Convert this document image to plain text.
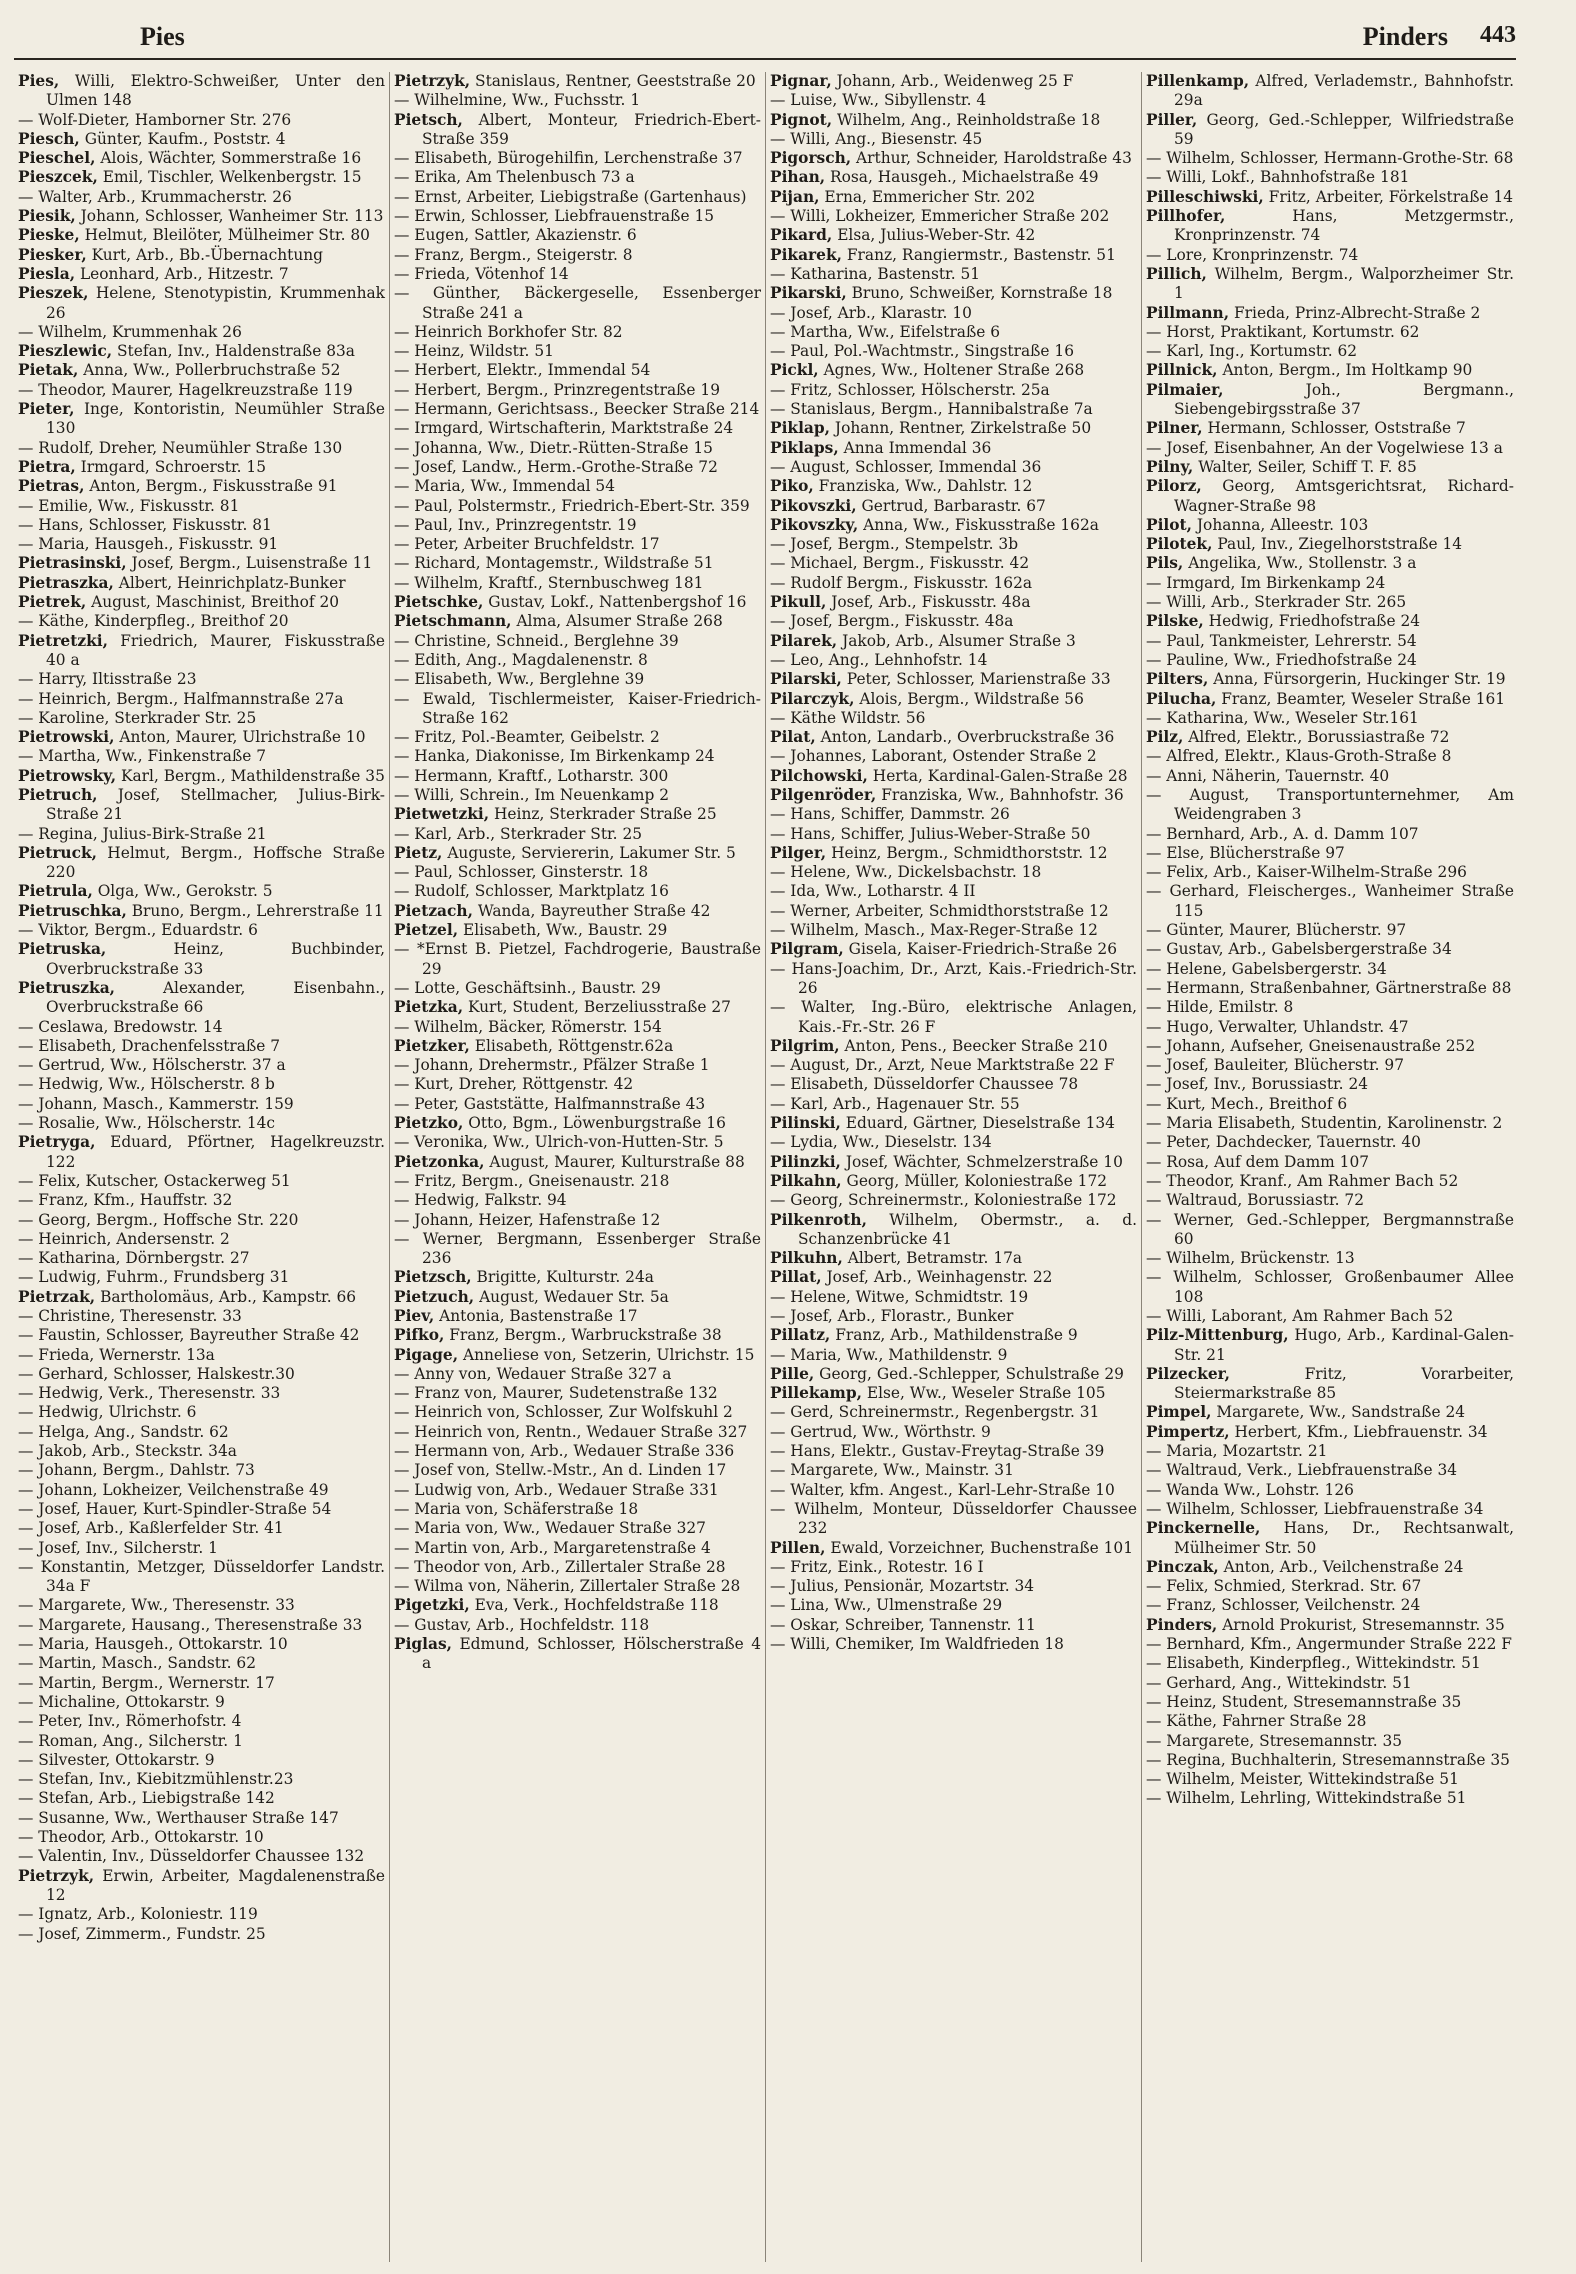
Pies	Pinders 443
Pies, Willi, Elektro-Schweißer, Unter den Ulmen 148
— Wolf-Dieter, Hamborner Str. 276
Piesch, Günter, Kaufm., Poststr. 4
Pieschel, Alois, Wächter, Sommerstraße 16
Pieszcek, Emil, Tischler, Welkenbergstr. 15
— Walter, Arb., Krummacherstr. 26
Piesik, Johann, Schlosser, Wanheimer Str. 113
Pieske, Helmut, Bleilöter, Mülheimer Str. 80
Piesker, Kurt, Arb., Bb.-Übernachtung
Piesla, Leonhard, Arb., Hitzestr. 7
Pieszek, Helene, Stenotypistin, Krummenhak 26
— Wilhelm, Krummenhak 26
Pieszlewic, Stefan, Inv., Haldenstraße 83a
Pietak, Anna, Ww., Pollerbruchstraße 52
— Theodor, Maurer, Hagelkreuzstraße 119
Pieter, Inge, Kontoristin, Neumühler Straße 130
— Rudolf, Dreher, Neumühler Straße 130
Pietra, Irmgard, Schroerstr. 15
Pietras, Anton, Bergm., Fiskusstraße 91
— Emilie, Ww., Fiskusstr. 81
— Hans, Schlosser, Fiskusstr. 81
— Maria, Hausgeh., Fiskusstr. 91
Pietrasinski, Josef, Bergm., Luisenstraße 11
Pietraszka, Albert, Heinrichplatz-Bunker
Pietrek, August, Maschinist, Breithof 20
— Käthe, Kinderpfleg., Breithof 20
Pietretzki, Friedrich, Maurer, Fiskusstraße 40 a
— Harry, Iltisstraße 23
— Heinrich, Bergm., Halfmannstraße 27a
— Karoline, Sterkrader Str. 25
Pietrowski, Anton, Maurer, Ulrichstraße 10
— Martha, Ww., Finkenstraße 7
Pietrowsky, Karl, Bergm., Mathildenstraße 35
Pietruch, Josef, Stellmacher, Julius-Birk-Straße 21
— Regina, Julius-Birk-Straße 21
Pietruck, Helmut, Bergm., Hoffsche Straße 220
Pietrula, Olga, Ww., Gerokstr. 5
Pietruschka, Bruno, Bergm., Lehrerstraße 11
— Viktor, Bergm., Eduardstr. 6
Pietruska, Heinz, Buchbinder, Overbruckstraße 33
Pietruszka, Alexander, Eisenbahn., Overbruckstraße 66
— Ceslawa, Bredowstr. 14
— Elisabeth, Drachenfelsstraße 7
— Gertrud, Ww., Hölscherstr. 37 a
— Hedwig, Ww., Hölscherstr. 8 b
— Johann, Masch., Kammerstr. 159
— Rosalie, Ww., Hölscherstr. 14c
Pietryga, Eduard, Pförtner, Hagelkreuzstr. 122
— Felix, Kutscher, Ostackerweg 51
— Franz, Kfm., Hauffstr. 32
— Georg, Bergm., Hoffsche Str. 220
— Heinrich, Andersenstr. 2
— Katharina, Dörnbergstr. 27
— Ludwig, Fuhrm., Frundsberg 31
Pietrzak, Bartholomäus, Arb., Kampstr. 66
— Christine, Theresenstr. 33
— Faustin, Schlosser, Bayreuther Straße 42
— Frieda, Wernerstr. 13a
— Gerhard, Schlosser, Halskestr.30
— Hedwig, Verk., Theresenstr. 33
— Hedwig, Ulrichstr. 6
— Helga, Ang., Sandstr. 62
— Jakob, Arb., Steckstr. 34a
— Johann, Bergm., Dahlstr. 73
— Johann, Lokheizer, Veilchenstraße 49
— Josef, Hauer, Kurt-Spindler-Straße 54
— Josef, Arb., Kaßlerfelder Str. 41
— Josef, Inv., Silcherstr. 1
— Konstantin, Metzger, Düsseldorfer Landstr. 34a F
— Margarete, Ww., Theresenstr. 33
— Margarete, Hausang., Theresenstraße 33
— Maria, Hausgeh., Ottokarstr. 10
— Martin, Masch., Sandstr. 62
— Martin, Bergm., Wernerstr. 17
— Michaline, Ottokarstr. 9
— Peter, Inv., Römerhofstr. 4
— Roman, Ang., Silcherstr. 1
— Silvester, Ottokarstr. 9
— Stefan, Inv., Kiebitzmühlenstr.23
— Stefan, Arb., Liebigstraße 142
— Susanne, Ww., Werthauser Straße 147
— Theodor, Arb., Ottokarstr. 10
— Valentin, Inv., Düsseldorfer Chaussee 132
Pietrzyk, Erwin, Arbeiter, Magdalenenstraße 12
— Ignatz, Arb., Koloniestr. 119
— Josef, Zimmerm., Fundstr. 25
Pietrzyk, Stanislaus, Rentner, Geeststraße 20
— Wilhelmine, Ww., Fuchsstr. 1
Pietsch, Albert, Monteur, Friedrich-Ebert-Straße 359
— Elisabeth, Bürogehilfin, Lerchenstraße 37
— Erika, Am Thelenbusch 73 a
— Ernst, Arbeiter, Liebigstraße (Gartenhaus)
— Erwin, Schlosser, Liebfrauenstraße 15
— Eugen, Sattler, Akazienstr. 6
— Franz, Bergm., Steigerstr. 8
— Frieda, Vötenhof 14
— Günther, Bäckergeselle, Essenberger Straße 241 a
— Heinrich Borkhofer Str. 82
— Heinz, Wildstr. 51
— Herbert, Elektr., Immendal 54
— Herbert, Bergm., Prinzregentstraße 19
— Hermann, Gerichtsass., Beecker Straße 214
— Irmgard, Wirtschafterin, Marktstraße 24
— Johanna, Ww., Dietr.-Rütten-Straße 15
— Josef, Landw., Herm.-Grothe-Straße 72
— Maria, Ww., Immendal 54
— Paul, Polstermstr., Friedrich-Ebert-Str. 359
— Paul, Inv., Prinzregentstr. 19
— Peter, Arbeiter Bruchfeldstr. 17
— Richard, Montagemstr., Wildstraße 51
— Wilhelm, Kraftf., Sternbuschweg 181
Pietschke, Gustav, Lokf., Nattenbergshof 16
Pietschmann, Alma, Alsumer Straße 268
— Christine, Schneid., Berglehne 39
— Edith, Ang., Magdalenenstr. 8
— Elisabeth, Ww., Berglehne 39
— Ewald, Tischlermeister, Kaiser-Friedrich-Straße 162
— Fritz, Pol.-Beamter, Geibelstr. 2
— Hanka, Diakonisse, Im Birkenkamp 24
— Hermann, Kraftf., Lotharstr. 300
— Willi, Schrein., Im Neuenkamp 2
Pietwetzki, Heinz, Sterkrader Straße 25
— Karl, Arb., Sterkrader Str. 25
Pietz, Auguste, Serviererin, Lakumer Str. 5
— Paul, Schlosser, Ginsterstr. 18
— Rudolf, Schlosser, Marktplatz 16
Pietzach, Wanda, Bayreuther Straße 42
Pietzel, Elisabeth, Ww., Baustr. 29
— *Ernst B. Pietzel, Fachdrogerie, Baustraße 29
— Lotte, Geschäftsinh., Baustr. 29
Pietzka, Kurt, Student, Berzeliusstraße 27
— Wilhelm, Bäcker, Römerstr. 154
Pietzker, Elisabeth, Röttgenstr.62a
— Johann, Drehermstr., Pfälzer Straße 1
— Kurt, Dreher, Röttgenstr. 42
— Peter, Gaststätte, Halfmannstraße 43
Pietzko, Otto, Bgm., Löwenburgstraße 16
— Veronika, Ww., Ulrich-von-Hutten-Str. 5
Pietzonka, August, Maurer, Kulturstraße 88
— Fritz, Bergm., Gneisenaustr. 218
— Hedwig, Falkstr. 94
— Johann, Heizer, Hafenstraße 12
— Werner, Bergmann, Essenberger Straße 236
Pietzsch, Brigitte, Kulturstr. 24a
Pietzuch, August, Wedauer Str. 5a
Piev, Antonia, Bastenstraße 17
Pifko, Franz, Bergm., Warbruckstraße 38
Pigage, Anneliese von, Setzerin, Ulrichstr. 15
— Anny von, Wedauer Straße 327 a
— Franz von, Maurer, Sudetenstraße 132
— Heinrich von, Schlosser, Zur Wolfskuhl 2
— Heinrich von, Rentn., Wedauer Straße 327
— Hermann von, Arb., Wedauer Straße 336
— Josef von, Stellw.-Mstr., An d. Linden 17
— Ludwig von, Arb., Wedauer Straße 331
— Maria von, Schäferstraße 18
— Maria von, Ww., Wedauer Straße 327
— Martin von, Arb., Margaretenstraße 4
— Theodor von, Arb., Zillertaler Straße 28
— Wilma von, Näherin, Zillertaler Straße 28
Pigetzki, Eva, Verk., Hochfeldstraße 118
— Gustav, Arb., Hochfeldstr. 118
Piglas, Edmund, Schlosser, Hölscherstraße 4 a
Pignar, Johann, Arb., Weidenweg 25 F
— Luise, Ww., Sibyllenstr. 4
Pignot, Wilhelm, Ang., Reinholdstraße 18
— Willi, Ang., Biesenstr. 45
Pigorsch, Arthur, Schneider, Haroldstraße 43
Pihan, Rosa, Hausgeh., Michaelstraße 49
Pijan, Erna, Emmericher Str. 202
— Willi, Lokheizer, Emmericher Straße 202
Pikard, Elsa, Julius-Weber-Str. 42
Pikarek, Franz, Rangiermstr., Bastenstr. 51
— Katharina, Bastenstr. 51
Pikarski, Bruno, Schweißer, Kornstraße 18
— Josef, Arb., Klarastr. 10
— Martha, Ww., Eifelstraße 6
— Paul, Pol.-Wachtmstr., Singstraße 16
Pickl, Agnes, Ww., Holtener Straße 268
— Fritz, Schlosser, Hölscherstr. 25a
— Stanislaus, Bergm., Hannibalstraße 7a
Piklap, Johann, Rentner, Zirkelstraße 50
Piklaps, Anna Immendal 36
— August, Schlosser, Immendal 36
Piko, Franziska, Ww., Dahlstr. 12
Pikovszki, Gertrud, Barbarastr. 67
Pikovszky, Anna, Ww., Fiskusstraße 162a
— Josef, Bergm., Stempelstr. 3b
— Michael, Bergm., Fiskusstr. 42
— Rudolf Bergm., Fiskusstr. 162a
Pikull, Josef, Arb., Fiskusstr. 48a
— Josef, Bergm., Fiskusstr. 48a
Pilarek, Jakob, Arb., Alsumer Straße 3
— Leo, Ang., Lehnhofstr. 14
Pilarski, Peter, Schlosser, Marienstraße 33
Pilarczyk, Alois, Bergm., Wildstraße 56
— Käthe Wildstr. 56
Pilat, Anton, Landarb., Overbruckstraße 36
— Johannes, Laborant, Ostender Straße 2
Pilchowski, Herta, Kardinal-Galen-Straße 28
Pilgenröder, Franziska, Ww., Bahnhofstr. 36
— Hans, Schiffer, Dammstr. 26
— Hans, Schiffer, Julius-Weber-Straße 50
Pilger, Heinz, Bergm., Schmidthorststr. 12
— Helene, Ww., Dickelsbachstr. 18
— Ida, Ww., Lotharstr. 4 II
— Werner, Arbeiter, Schmidthorststraße 12
— Wilhelm, Masch., Max-Reger-Straße 12
Pilgram, Gisela, Kaiser-Friedrich-Straße 26
— Hans-Joachim, Dr., Arzt, Kais.-Friedrich-Str. 26
— Walter, Ing.-Büro, elektrische Anlagen, Kais.-Fr.-Str. 26 F
Pilgrim, Anton, Pens., Beecker Straße 210
— August, Dr., Arzt, Neue Marktstraße 22 F
— Elisabeth, Düsseldorfer Chaussee 78
— Karl, Arb., Hagenauer Str. 55
Pilinski, Eduard, Gärtner, Dieselstraße 134
— Lydia, Ww., Dieselstr. 134
Pilinzki, Josef, Wächter, Schmelzerstraße 10
Pilkahn, Georg, Müller, Koloniestraße 172
— Georg, Schreinermstr., Koloniestraße 172
Pilkenroth, Wilhelm, Obermstr., a. d. Schanzenbrücke 41
Pilkuhn, Albert, Betramstr. 17a
Pillat, Josef, Arb., Weinhagenstr. 22
— Helene, Witwe, Schmidtstr. 19
— Josef, Arb., Florastr., Bunker
Pillatz, Franz, Arb., Mathildenstraße 9
— Maria, Ww., Mathildenstr. 9
Pille, Georg, Ged.-Schlepper, Schulstraße 29
Pillekamp, Else, Ww., Weseler Straße 105
— Gerd, Schreinermstr., Regenbergstr. 31
— Gertrud, Ww., Wörthstr. 9
— Hans, Elektr., Gustav-Freytag-Straße 39
— Margarete, Ww., Mainstr. 31
— Walter, kfm. Angest., Karl-Lehr-Straße 10
— Wilhelm, Monteur, Düsseldorfer Chaussee 232
Pillen, Ewald, Vorzeichner, Buchenstraße 101
— Fritz, Eink., Rotestr. 16 I
— Julius, Pensionär, Mozartstr. 34
— Lina, Ww., Ulmenstraße 29
— Oskar, Schreiber, Tannenstr. 11
— Willi, Chemiker, Im Waldfrieden 18
Pillenkamp, Alfred, Verlademstr., Bahnhofstr. 29a
Piller, Georg, Ged.-Schlepper, Wilfriedstraße 59
— Wilhelm, Schlosser, Hermann-Grothe-Str. 68
— Willi, Lokf., Bahnhofstraße 181
Pilleschiwski, Fritz, Arbeiter, Förkelstraße 14
Pillhofer, Hans, Metzgermstr., Kronprinzenstr. 74
— Lore, Kronprinzenstr. 74
Pillich, Wilhelm, Bergm., Walporzheimer Str. 1
Pillmann, Frieda, Prinz-Albrecht-Straße 2
— Horst, Praktikant, Kortumstr. 62
— Karl, Ing., Kortumstr. 62
Pillnick, Anton, Bergm., Im Holtkamp 90
Pilmaier, Joh., Bergmann., Siebengebirgsstraße 37
Pilner, Hermann, Schlosser, Oststraße 7
— Josef, Eisenbahner, An der Vogelwiese 13 a
Pilny, Walter, Seiler, Schiff T. F. 85
Pilorz, Georg, Amtsgerichtsrat, Richard-Wagner-Straße 98
Pilot, Johanna, Alleestr. 103
Pilotek, Paul, Inv., Ziegelhorststraße 14
Pils, Angelika, Ww., Stollenstr. 3 a
— Irmgard, Im Birkenkamp 24
— Willi, Arb., Sterkrader Str. 265
Pilske, Hedwig, Friedhofstraße 24
— Paul, Tankmeister, Lehrerstr. 54
— Pauline, Ww., Friedhofstraße 24
Pilters, Anna, Fürsorgerin, Huckinger Str. 19
Pilucha, Franz, Beamter, Weseler Straße 161
— Katharina, Ww., Weseler Str.161
Pilz, Alfred, Elektr., Borussiastraße 72
— Alfred, Elektr., Klaus-Groth-Straße 8
— Anni, Näherin, Tauernstr. 40
— August, Transportunternehmer, Am Weidengraben 3
— Bernhard, Arb., A. d. Damm 107
— Else, Blücherstraße 97
— Felix, Arb., Kaiser-Wilhelm-Straße 296
— Gerhard, Fleischerges., Wanheimer Straße 115
— Günter, Maurer, Blücherstr. 97
— Gustav, Arb., Gabelsbergerstraße 34
— Helene, Gabelsbergerstr. 34
— Hermann, Straßenbahner, Gärtnerstraße 88
— Hilde, Emilstr. 8
— Hugo, Verwalter, Uhlandstr. 47
— Johann, Aufseher, Gneisenaustraße 252
— Josef, Bauleiter, Blücherstr. 97
— Josef, Inv., Borussiastr. 24
— Kurt, Mech., Breithof 6
— Maria Elisabeth, Studentin, Karolinenstr. 2
— Peter, Dachdecker, Tauernstr. 40
— Rosa, Auf dem Damm 107
— Theodor, Kranf., Am Rahmer Bach 52
— Waltraud, Borussiastr. 72
— Werner, Ged.-Schlepper, Bergmannstraße 60
— Wilhelm, Brückenstr. 13
— Wilhelm, Schlosser, Großenbaumer Allee 108
— Willi, Laborant, Am Rahmer Bach 52
Pilz-Mittenburg, Hugo, Arb., Kardinal-Galen-Str. 21
Pilzecker, Fritz, Vorarbeiter, Steiermarkstraße 85
Pimpel, Margarete, Ww., Sandstraße 24
Pimpertz, Herbert, Kfm., Liebfrauenstr. 34
— Maria, Mozartstr. 21
— Waltraud, Verk., Liebfrauenstraße 34
— Wanda Ww., Lohstr. 126
— Wilhelm, Schlosser, Liebfrauenstraße 34
Pinckernelle, Hans, Dr., Rechtsanwalt, Mülheimer Str. 50
Pinczak, Anton, Arb., Veilchenstraße 24
— Felix, Schmied, Sterkrad. Str. 67
— Franz, Schlosser, Veilchenstr. 24
Pinders, Arnold Prokurist, Stresemannstr. 35
— Bernhard, Kfm., Angermunder Straße 222 F
— Elisabeth, Kinderpfleg., Wittekindstr. 51
— Gerhard, Ang., Wittekindstr. 51
— Heinz, Student, Stresemannstraße 35
— Käthe, Fahrner Straße 28
— Margarete, Stresemannstr. 35
— Regina, Buchhalterin, Stresemannstraße 35
— Wilhelm, Meister, Wittekindstraße 51
— Wilhelm, Lehrling, Wittekindstraße 51
